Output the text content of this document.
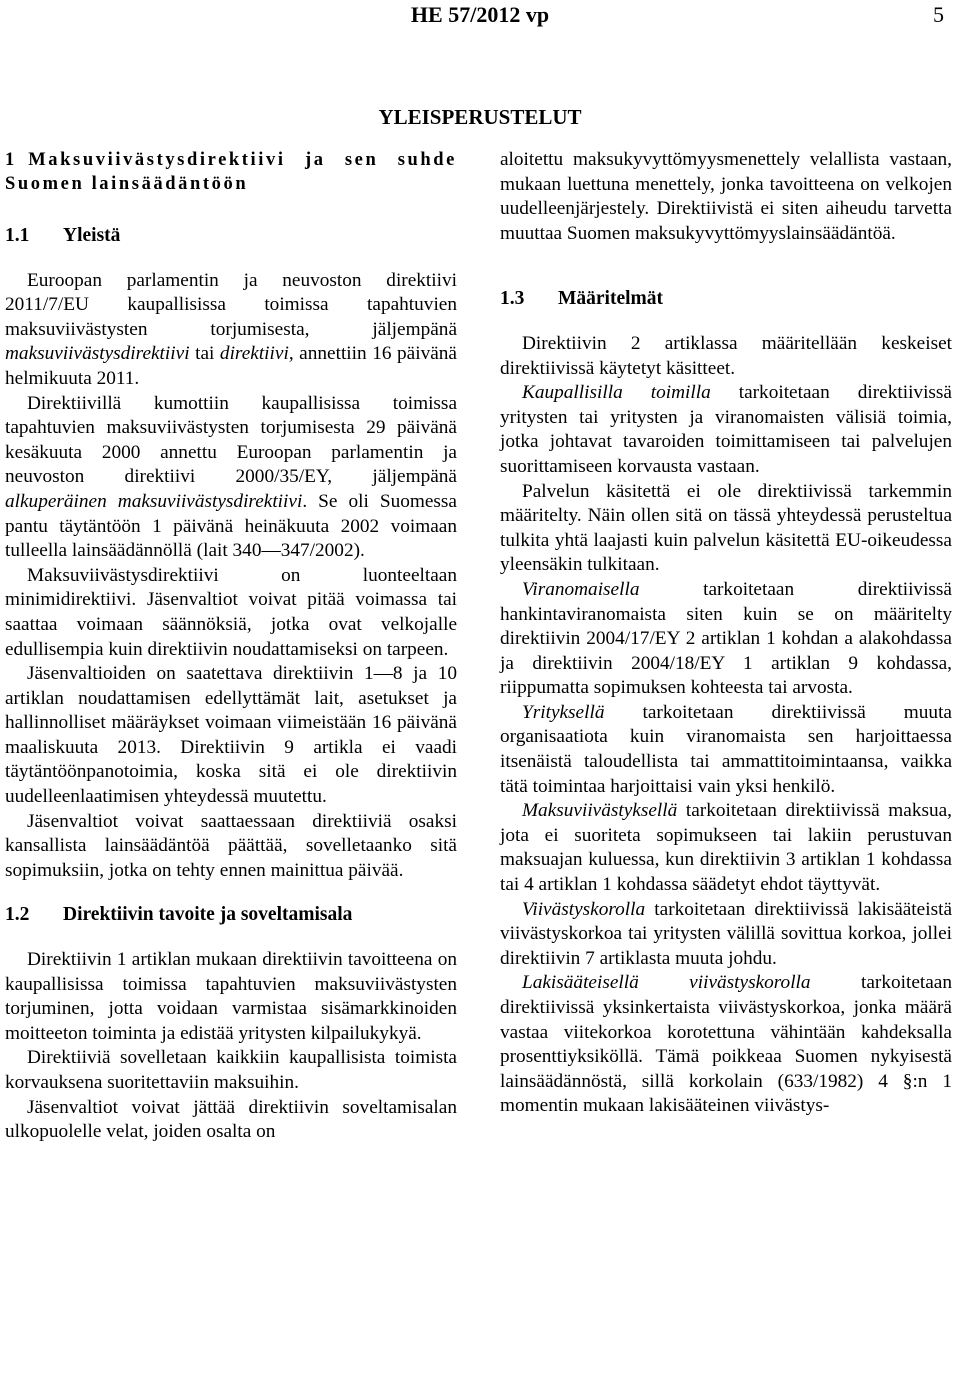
HE 57/2012 vp	5
YLEISPERUSTELUT

1 Maksuviivästysdirektiivi ja sen suhde Suomen lainsäädäntöön

1.1 Yleistä

Euroopan parlamentin ja neuvoston direktiivi 2011/7/EU kaupallisissa toimissa tapahtuvien maksuviivästysten torjumisesta, jäljempänä maksuviivästysdirektiivi tai direktiivi, annettiin 16 päivänä helmikuuta 2011.

Direktiivillä kumottiin kaupallisissa toimissa tapahtuvien maksuviivästysten torjumisesta 29 päivänä kesäkuuta 2000 annettu Euroopan parlamentin ja neuvoston direktiivi 2000/35/EY, jäljempänä alkuperäinen maksuviivästysdirektiivi. Se oli Suomessa pantu täytäntöön 1 päivänä heinäkuuta 2002 voimaan tulleella lainsäädännöllä (lait 340—347/2002).

Maksuviivästysdirektiivi on luonteeltaan minimidirektiivi. Jäsenvaltiot voivat pitää voimassa tai saattaa voimaan säännöksiä, jotka ovat velkojalle edullisempia kuin direktiivin noudattamiseksi on tarpeen.

Jäsenvaltioiden on saatettava direktiivin 1—8 ja 10 artiklan noudattamisen edellyttämät lait, asetukset ja hallinnolliset määräykset voimaan viimeistään 16 päivänä maaliskuuta 2013. Direktiivin 9 artikla ei vaadi täytäntöönpanotoimia, koska sitä ei ole direktiivin uudelleenlaatimisen yhteydessä muutettu.

Jäsenvaltiot voivat saattaessaan direktiiviä osaksi kansallista lainsäädäntöä päättää, sovelletaanko sitä sopimuksiin, jotka on tehty ennen mainittua päivää.

1.2 Direktiivin tavoite ja soveltamisala

Direktiivin 1 artiklan mukaan direktiivin tavoitteena on kaupallisissa toimissa tapahtuvien maksuviivästysten torjuminen, jotta voidaan varmistaa sisämarkkinoiden moitteeton toiminta ja edistää yritysten kilpailukykyä.

Direktiiviä sovelletaan kaikkiin kaupallisista toimista korvauksena suoritettaviin maksuihin.

Jäsenvaltiot voivat jättää direktiivin soveltamisalan ulkopuolelle velat, joiden osalta on

aloitettu maksukyvyttömyysmenettely velallista vastaan, mukaan luettuna menettely, jonka tavoitteena on velkojen uudelleenjärjestely. Direktiivistä ei siten aiheudu tarvetta muuttaa Suomen maksukyvyttömyyslainsäädäntöä.

1.3 Määritelmät

Direktiivin 2 artiklassa määritellään keskeiset direktiivissä käytetyt käsitteet.

Kaupallisilla toimilla tarkoitetaan direktiivissä yritysten tai yritysten ja viranomaisten välisiä toimia, jotka johtavat tavaroiden toimittamiseen tai palvelujen suorittamiseen korvausta vastaan.

Palvelun käsitettä ei ole direktiivissä tarkemmin määritelty. Näin ollen sitä on tässä yhteydessä perusteltua tulkita yhtä laajasti kuin palvelun käsitettä EU-oikeudessa yleensäkin tulkitaan.

Viranomaisella tarkoitetaan direktiivissä hankintaviranomaista siten kuin se on määritelty direktiivin 2004/17/EY 2 artiklan 1 kohdan a alakohdassa ja direktiivin 2004/18/EY 1 artiklan 9 kohdassa, riippumatta sopimuksen kohteesta tai arvosta.

Yrityksellä tarkoitetaan direktiivissä muuta organisaatiota kuin viranomaista sen harjoittaessa itsenäistä taloudellista tai ammattitoimintaansa, vaikka tätä toimintaa harjoittaisi vain yksi henkilö.

Maksuviivästyksellä tarkoitetaan direktiivissä maksua, jota ei suoriteta sopimukseen tai lakiin perustuvan maksuajan kuluessa, kun direktiivin 3 artiklan 1 kohdassa tai 4 artiklan 1 kohdassa säädetyt ehdot täyttyvät.

Viivästyskorolla tarkoitetaan direktiivissä lakisääteistä viivästyskorkoa tai yritysten välillä sovittua korkoa, jollei direktiivin 7 artiklasta muuta johdu.

Lakisääteisellä viivästyskorolla tarkoitetaan direktiivissä yksinkertaista viivästyskorkoa, jonka määrä vastaa viitekorkoa korotettuna vähintään kahdeksalla prosenttiyksiköllä. Tämä poikkeaa Suomen nykyisestä lainsäädännöstä, sillä korkolain (633/1982) 4 §:n 1 momentin mukaan lakisääteinen viivästys-
